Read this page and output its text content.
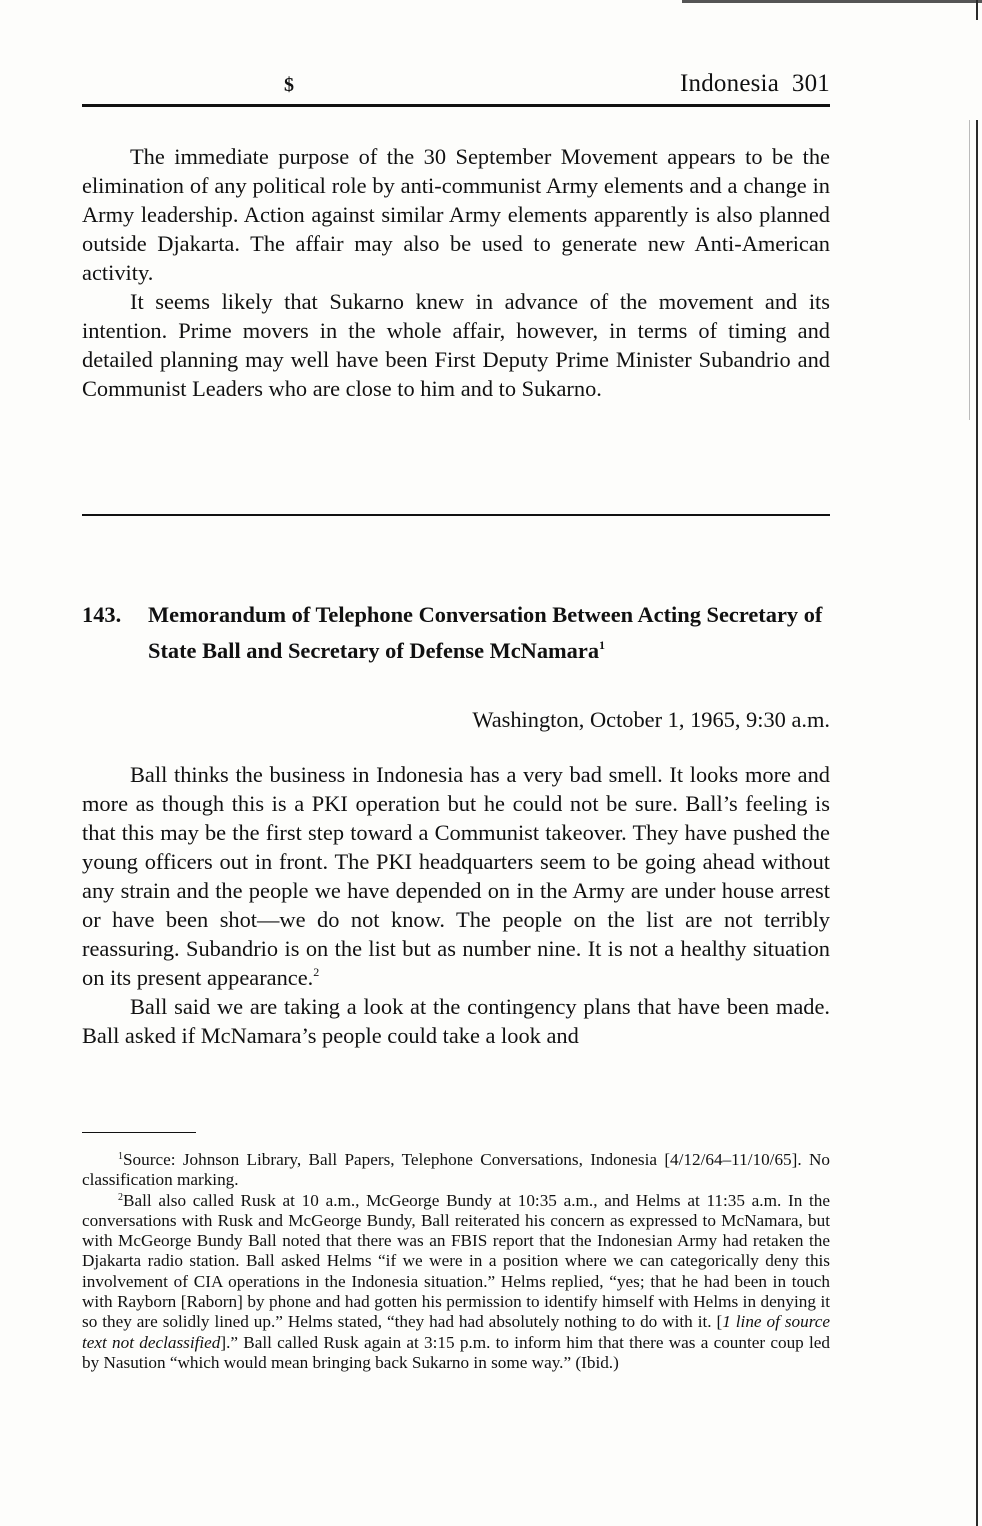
$	Indonesia  301

The immediate purpose of the 30 September Movement appears to be the elimination of any political role by anti-communist Army elements and a change in Army leadership. Action against similar Army elements apparently is also planned outside Djakarta. The affair may also be used to generate new Anti-American activity.

It seems likely that Sukarno knew in advance of the movement and its intention. Prime movers in the whole affair, however, in terms of timing and detailed planning may well have been First Deputy Prime Minister Subandrio and Communist Leaders who are close to him and to Sukarno.

143. Memorandum of Telephone Conversation Between Acting Secretary of State Ball and Secretary of Defense McNamara$^1$
Washington, October 1, 1965, 9:30 a.m.

Ball thinks the business in Indonesia has a very bad smell. It looks more and more as though this is a PKI operation but he could not be sure. Ball’s feeling is that this may be the first step toward a Communist takeover. They have pushed the young officers out in front. The PKI headquarters seem to be going ahead without any strain and the people we have depended on in the Army are under house arrest or have been shot—we do not know. The people on the list are not terribly reassuring. Subandrio is on the list but as number nine. It is not a healthy situation on its present appearance.$^2$

Ball said we are taking a look at the contingency plans that have been made. Ball asked if McNamara’s people could take a look and

$^1$Source: Johnson Library, Ball Papers, Telephone Conversations, Indonesia [4/12/64–11/10/65]. No classification marking.

$^2$Ball also called Rusk at 10 a.m., McGeorge Bundy at 10:35 a.m., and Helms at 11:35 a.m. In the conversations with Rusk and McGeorge Bundy, Ball reiterated his concern as expressed to McNamara, but with McGeorge Bundy Ball noted that there was an FBIS report that the Indonesian Army had retaken the Djakarta radio station. Ball asked Helms “if we were in a position where we can categorically deny this involvement of CIA operations in the Indonesia situation.” Helms replied, “yes; that he had been in touch with Rayborn [Raborn] by phone and had gotten his permission to identify himself with Helms in denying it so they are solidly lined up.” Helms stated, “they had had absolutely nothing to do with it. [1 line of source text not declassified].” Ball called Rusk again at 3:15 p.m. to inform him that there was a counter coup led by Nasution “which would mean bringing back Sukarno in some way.” (Ibid.)
